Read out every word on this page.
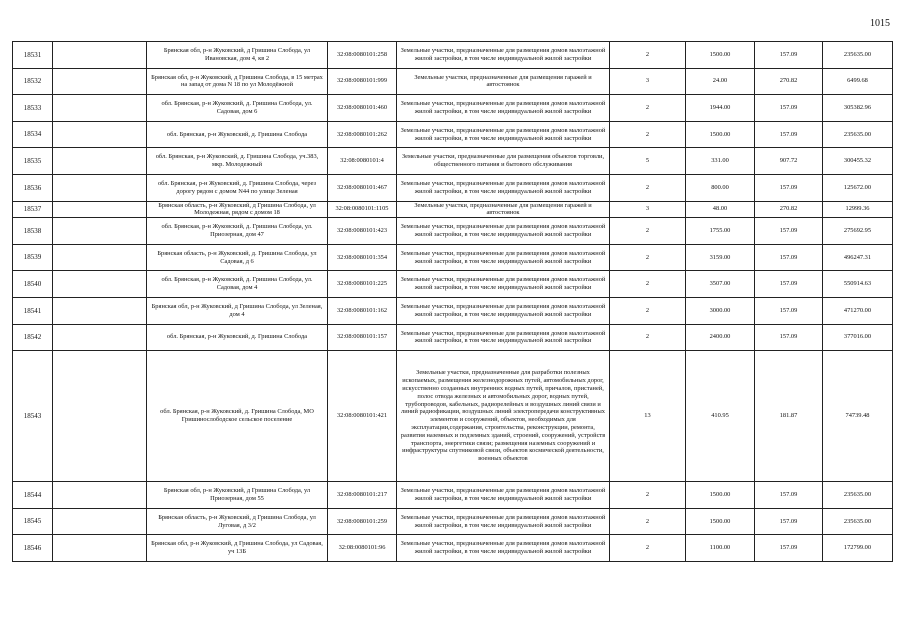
1015
18531		Брянская обл, р-н Жуковский, д Гришина Слобода, ул Ивановская, дом 4, кв 2	32:08:0080101:258	Земельные участки, предназначенные для размещения домов малоэтажной жилой застройки, в том числе индивидуальной жилой застройки	2	1500.00	157.09	235635.00
18532		Брянская обл, р-н Жуковский, д Гришина Слобода, в 15 метрах на запад от дома N 18 по ул Молодёжной	32:08:0080101:999	Земельные участки, предназначенные для размещения гаражей и автостоянок	3	24.00	270.82	6499.68
18533		обл. Брянская, р-н Жуковский, д. Гришина Слобода, ул. Садовая, дом 6	32:08:0080101:460	Земельные участки, предназначенные для размещения домов малоэтажной жилой застройки, в том числе индивидуальной жилой застройки	2	1944.00	157.09	305382.96
18534		обл. Брянская, р-н Жуковский, д. Гришина Слобода	32:08:0080101:262	Земельные участки, предназначенные для размещения домов малоэтажной жилой застройки, в том числе индивидуальной жилой застройки	2	1500.00	157.09	235635.00
18535		обл. Брянская, р-н Жуковский, д. Гришина Слобода, уч.383, мкр. Молодежный	32:08:0080101:4	Земельные участки, предназначенные для размещения объектов торговли, общественного питания и бытового обслуживания	5	331.00	907.72	300455.32
18536		обл. Брянская, р-н Жуковский, д. Гришина Слобода, через дорогу рядом с домом N44 по улице Зеленая	32:08:0080101:467	Земельные участки, предназначенные для размещения домов малоэтажной жилой застройки, в том числе индивидуальной жилой застройки	2	800.00	157.09	125672.00
18537		Брянская область, р-н Жуковский, д Гришина Слобода, ул Молодежная, рядом с домом 18	32:08:0080101:1105	Земельные участки, предназначенные для размещения гаражей и автостоянок	3	48.00	270.82	12999.36
18538		обл. Брянская, р-н Жуковский, д. Гришина Слобода, ул. Приозерная, дом 47	32:08:0080101:423	Земельные участки, предназначенные для размещения домов малоэтажной жилой застройки, в том числе индивидуальной жилой застройки	2	1755.00	157.09	275692.95
18539		Брянская область, р-н Жуковский, д. Гришина Слобода, ул Садовая, д 6	32:08:0080101:354	Земельные участки, предназначенные для размещения домов малоэтажной жилой застройки, в том числе индивидуальной жилой застройки	2	3159.00	157.09	496247.31
18540		обл. Брянская, р-н Жуковский, д. Гришина Слобода, ул. Садовая, дом 4	32:08:0080101:225	Земельные участки, предназначенные для размещения домов малоэтажной жилой застройки, в том числе индивидуальной жилой застройки	2	3507.00	157.09	550914.63
18541		Брянская обл, р-н Жуковский, д Гришина Слобода, ул Зеленая, дом 4	32:08:0080101:162	Земельные участки, предназначенные для размещения домов малоэтажной жилой застройки, в том числе индивидуальной жилой застройки	2	3000.00	157.09	471270.00
18542		обл. Брянская, р-н Жуковский, д. Гришина Слобода	32:08:0080101:157	Земельные участки, предназначенные для размещения домов малоэтажной жилой застройки, в том числе индивидуальной жилой застройки	2	2400.00	157.09	377016.00
18543		обл. Брянская, р-н Жуковский, д. Гришина Слобода, МО Гришинослободское сельское поселение	32:08:0080101:421	Земельные участки, предназначенные для разработки полезных ископаемых, размещения железнодорожных путей, автомобильных дорог, искусственно созданных внутренних водных путей, причалов, пристаней, полос отвода железных и автомобильных дорог, водных путей, трубопроводов, кабельных, радиорелейных и воздушных линий связи и линий радиофикации, воздушных линий электропередачи конструктивных элементов и сооружений, объектов, необходимых для эксплуатации,содержания, строительства, реконструкции, ремонта, развития наземных и подземных зданий, строений, сооружений, устройств транспорта, энергетики связи; размещения наземных сооружений и инфраструктуры спутниковой связи, объектов космической деятельности, военных объектов	13	410.95	181.87	74739.48
18544		Брянская обл, р-н Жуковский, д Гришина Слобода, ул Приозерная, дом 55	32:08:0080101:217	Земельные участки, предназначенные для размещения домов малоэтажной жилой застройки, в том числе индивидуальной жилой застройки	2	1500.00	157.09	235635.00
18545		Брянская область, р-н Жуковский, д Гришина Слобода, ул Луговая, д 3/2	32:08:0080101:259	Земельные участки, предназначенные для размещения домов малоэтажной жилой застройки, в том числе индивидуальной жилой застройки	2	1500.00	157.09	235635.00
18546		Брянская обл, р-н Жуковский, д Гришина Слобода, ул Садовая, уч 13Б	32:08:0080101:96	Земельные участки, предназначенные для размещения домов малоэтажной жилой застройки, в том числе индивидуальной жилой застройки	2	1100.00	157.09	172799.00
